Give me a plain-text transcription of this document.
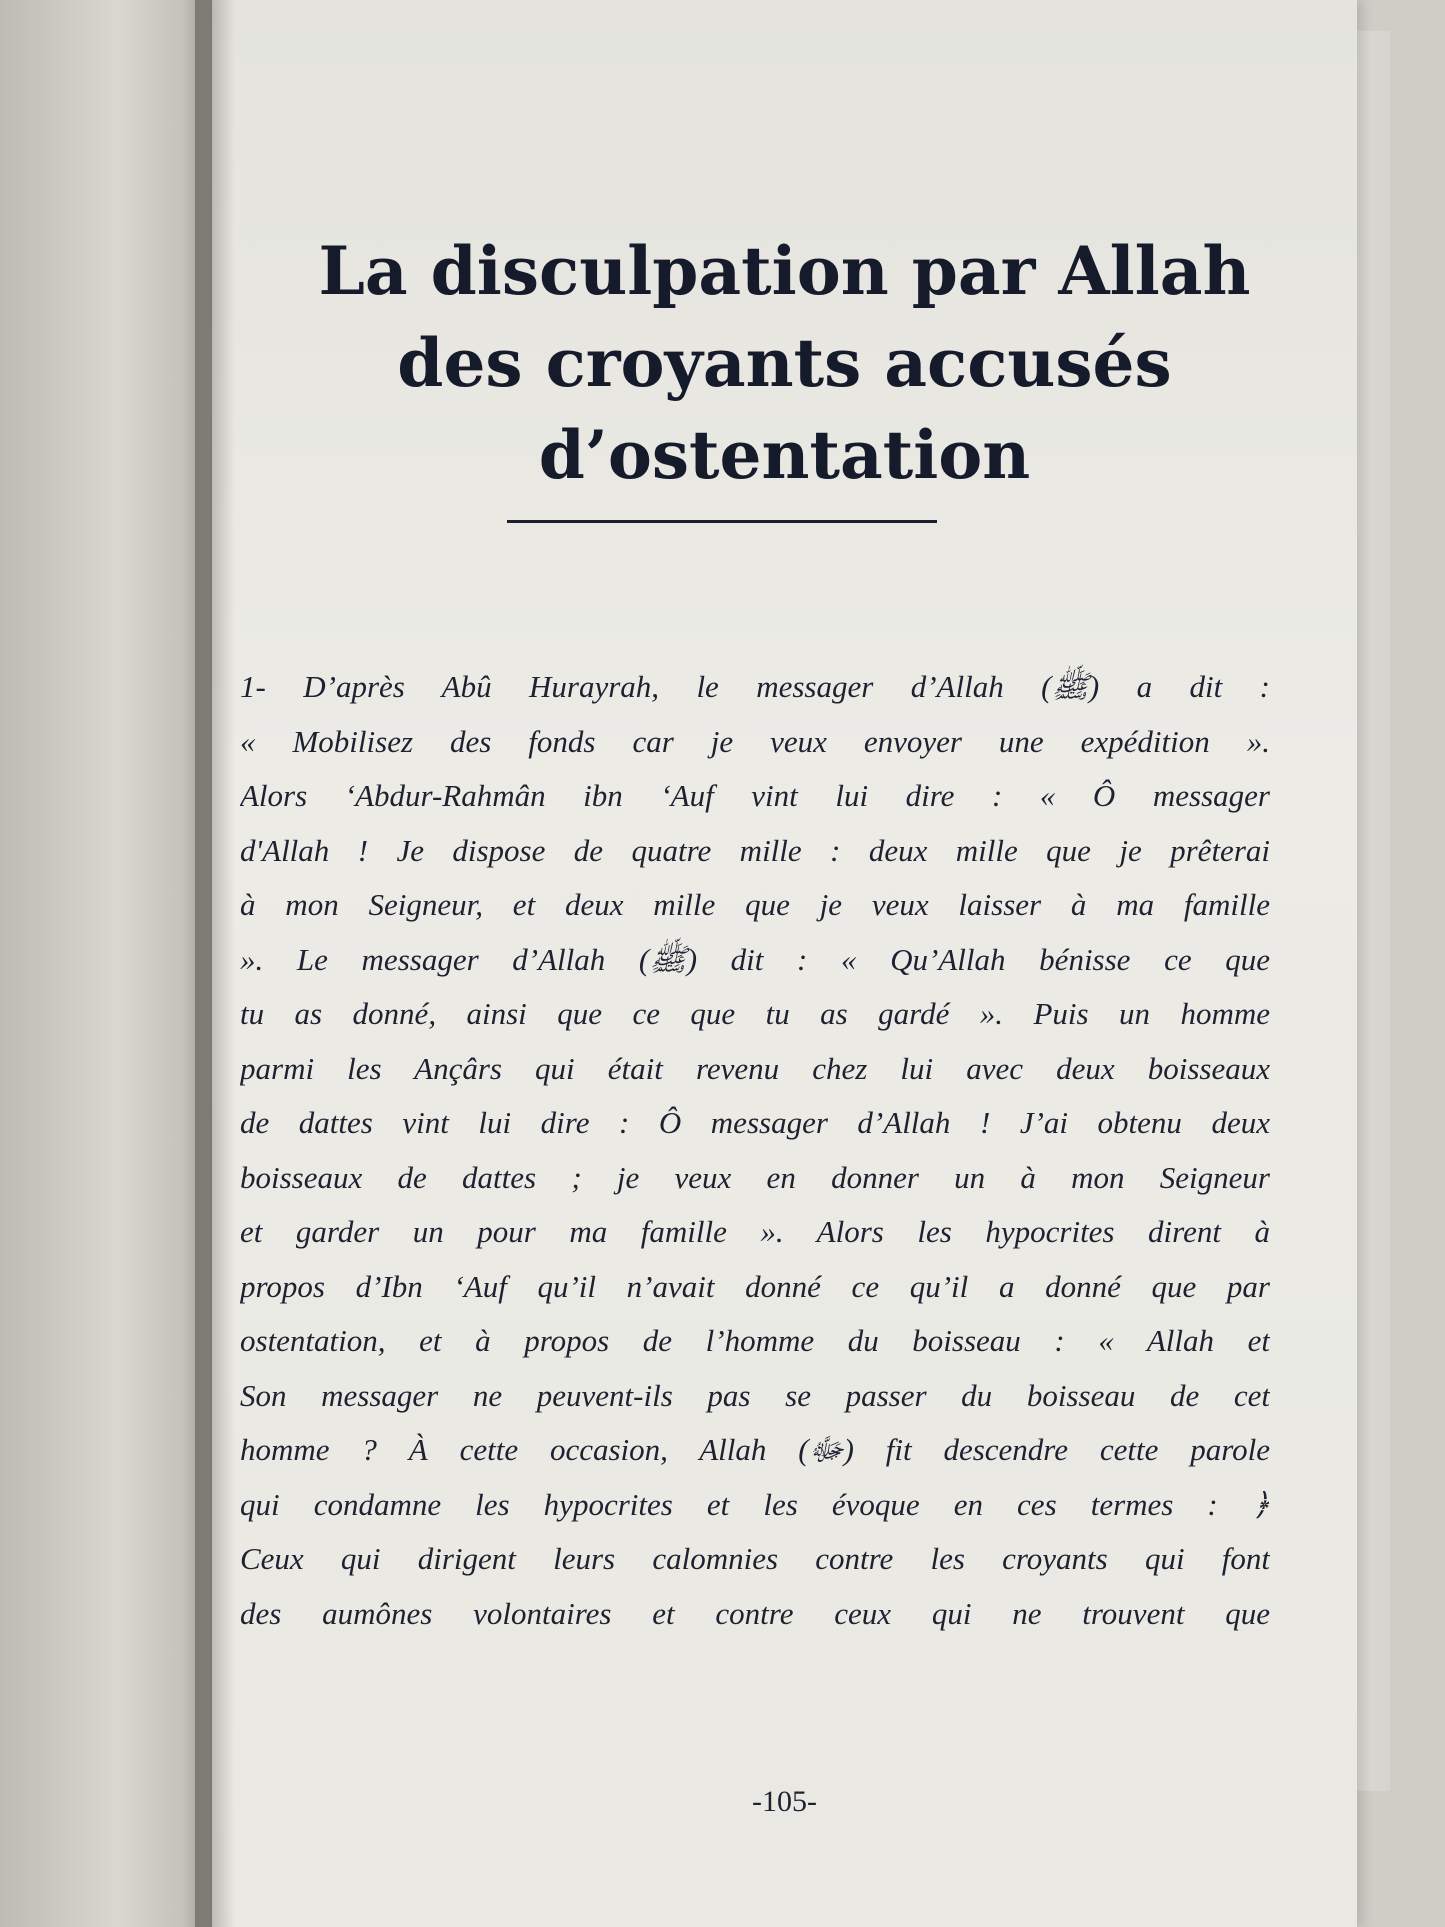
La disculpation par Allah
des croyants accusés
d’ostentation
1- D’après Abû Hurayrah, le messager d’Allah (ﷺ) a dit :
« Mobilisez des fonds car je veux envoyer une expédition ».
Alors ‘Abdur-Rahmân ibn ‘Auf vint lui dire : « Ô messager
d'Allah ! Je dispose de quatre mille : deux mille que je prêterai
à mon Seigneur, et deux mille que je veux laisser à ma famille
». Le messager d’Allah (ﷺ) dit : « Qu’Allah bénisse ce que
tu as donné, ainsi que ce que tu as gardé ». Puis un homme
parmi les Ançârs qui était revenu chez lui avec deux boisseaux
de dattes vint lui dire : Ô messager d’Allah ! J’ai obtenu deux
boisseaux de dattes ; je veux en donner un à mon Seigneur
et garder un pour ma famille ». Alors les hypocrites dirent à
propos d’Ibn ‘Auf qu’il n’avait donné ce qu’il a donné que par
ostentation, et à propos de l’homme du boisseau : « Allah et
Son messager ne peuvent-ils pas se passer du boisseau de cet
homme ? À cette occasion, Allah (ﷻ) fit descendre cette parole
qui condamne les hypocrites et les évoque en ces termes : ﴿
Ceux qui dirigent leurs calomnies contre les croyants qui font
des aumônes volontaires et contre ceux qui ne trouvent que
-105-
